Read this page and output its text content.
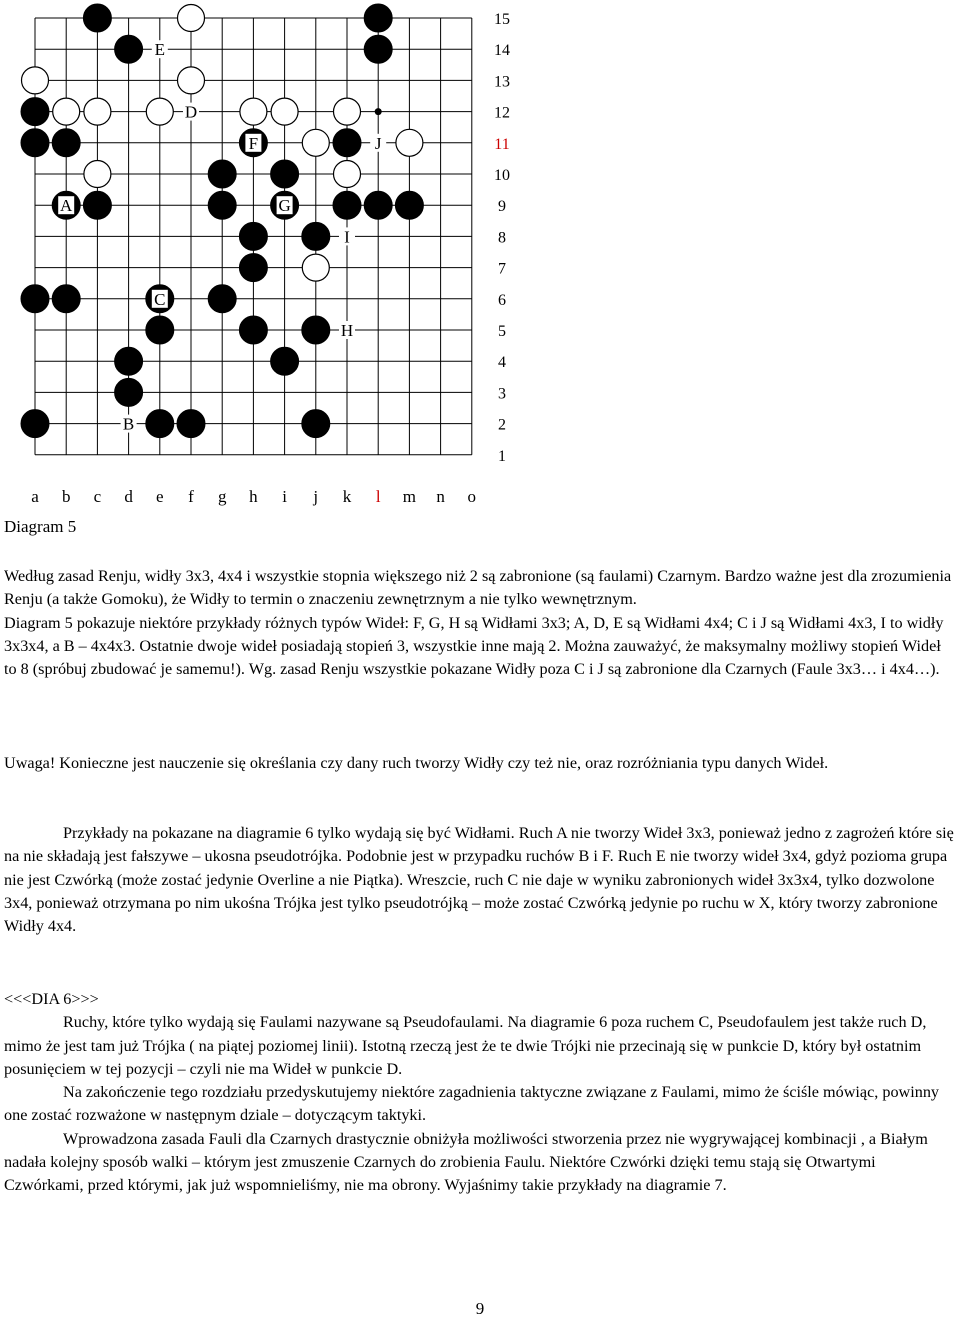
15
14
13
12
11
10
9
8
7
6
5
4
3
2
1
a b c d e f g h i j k l m n o
E
D
F	J
A	G
I
C
H
B
Diagram 5

Według zasad Renju, widły 3x3, 4x4 i wszystkie stopnia większego niż 2 są zabronione (są faulami) Czarnym. Bardzo ważne jest dla zrozumienia Renju (a także Gomoku), że Widły to termin o znaczeniu zewnętrznym a nie tylko wewnętrznym.

Diagram 5 pokazuje niektóre przykłady różnych typów Wideł: F, G, H są Widłami 3x3; A, D, E są Widłami 4x4; C i J są Widłami 4x3, I to widły 3x3x4, a B – 4x4x3. Ostatnie dwoje wideł posiadają stopień 3, wszystkie inne mają 2. Można zauważyć, że maksymalny możliwy stopień Wideł to 8 (spróbuj zbudować je samemu!). Wg. zasad Renju wszystkie pokazane Widły poza C i J są zabronione dla Czarnych (Faule 3x3… i 4x4…).

Uwaga! Konieczne jest nauczenie się określania czy dany ruch tworzy Widły czy też nie, oraz rozróżniania typu danych Wideł.

Przykłady na pokazane na diagramie 6 tylko wydają się być Widłami. Ruch A nie tworzy Wideł 3x3, ponieważ jedno z zagrożeń które się na nie składają jest fałszywe – ukosna pseudotrójka. Podobnie jest w przypadku ruchów B i F. Ruch E nie tworzy wideł 3x4, gdyż pozioma grupa nie jest Czwórką (może zostać jedynie Overline a nie Piątka). Wreszcie, ruch C nie daje w wyniku zabronionych wideł 3x3x4, tylko dozwolone 3x4, ponieważ otrzymana po nim ukośna Trójka jest tylko pseudotrójką – może zostać Czwórką jedynie po ruchu w X, który tworzy zabronione Widły 4x4.

<<<DIA 6>>>

Ruchy, które tylko wydają się Faulami nazywane są Pseudofaulami. Na diagramie 6 poza ruchem C, Pseudofaulem jest także ruch D, mimo że jest tam już Trójka ( na piątej poziomej linii). Istotną rzeczą jest że te dwie Trójki nie przecinają się w punkcie D, który był ostatnim posunięciem w tej pozycji – czyli nie ma Wideł w punkcie D.

Na zakończenie tego rozdziału przedyskutujemy niektóre zagadnienia taktyczne związane z Faulami, mimo że ściśle mówiąc, powinny one zostać rozważone w następnym dziale – dotyczącym taktyki.

Wprowadzona zasada Fauli dla Czarnych drastycznie obniżyła możliwości stworzenia przez nie wygrywającej kombinacji , a Białym nadała kolejny sposób walki – którym jest zmuszenie Czarnych do zrobienia Faulu. Niektóre Czwórki dzięki temu stają się Otwartymi Czwórkami, przed którymi, jak już wspomnieliśmy, nie ma obrony. Wyjaśnimy takie przykłady na diagramie 7.

9
